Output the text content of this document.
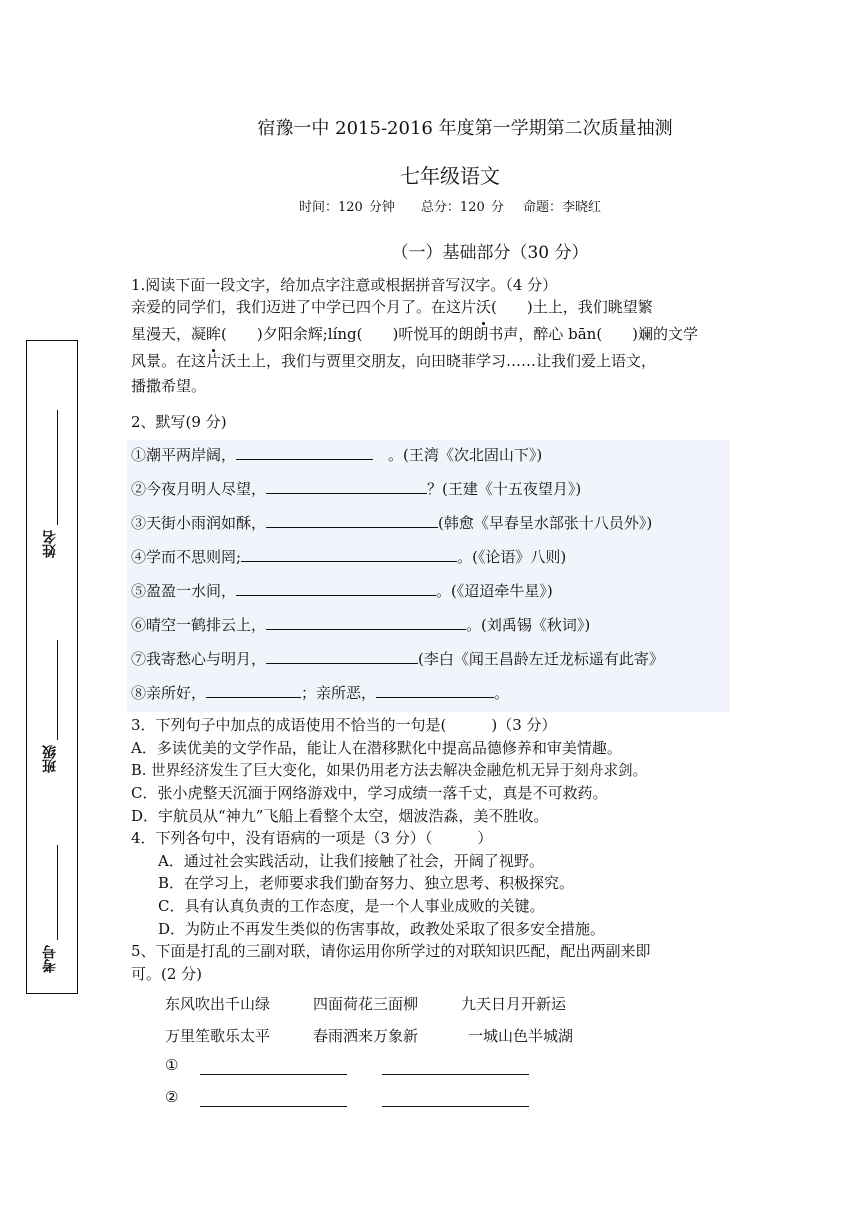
宿豫一中 2015-2016 年度第一学期第二次质量抽测
七年级语文
时间：120 分钟　　总分：120 分　 命题：李晓红
（一）基础部分（30 分）
1.阅读下面一段文字，给加点字注意或根据拼音写汉字。（4 分）
亲爱的同学们，我们迈进了中学已四个月了。在这片沃(　　)土上，我们眺望繁
星漫天，凝眸(　　)夕阳余辉;líng(　　)听悦耳的朗朗书声，醉心 bān(　　)斓的文学
风景。在这片沃土上，我们与贾里交朋友，向田晓菲学习……让我们爱上语文，
播撒希望。
2、默写(9 分)
①潮平两岸阔，	　。(王湾《次北固山下》)
②今夜月明人尽望，	？(王建《十五夜望月》)
③天街小雨润如酥，	(韩愈《早春呈水部张十八员外》)
④学而不思则罔;	。(《论语》八则)
⑤盈盈一水间，	。(《迢迢牵牛星》)
⑥晴空一鹤排云上，	。(刘禹锡《秋词》)
⑦我寄愁心与明月，	(李白《闻王昌龄左迁龙标遥有此寄》
⑧亲所好，	；亲所恶，	。
3．下列句子中加点的成语使用不恰当的一句是(　　　)（3 分）
A．多读优美的文学作品，能让人在潜移默化中提高品德修养和审美情趣。
B. 世界经济发生了巨大变化，如果仍用老方法去解决金融危机无异于刻舟求剑。
C．张小虎整天沉湎于网络游戏中，学习成绩一落千丈，真是不可救药。
D．宇航员从“神九”飞船上看整个太空，烟波浩淼，美不胜收。
4．下列各句中，没有语病的一项是（3 分）（　　　）
A．通过社会实践活动，让我们接触了社会，开阔了视野。
B．在学习上，老师要求我们勤奋努力、独立思考、积极探究。
C．具有认真负责的工作态度，是一个人事业成败的关键。
D．为防止不再发生类似的伤害事故，政教处采取了很多安全措施。
5、下面是打乱的三副对联，请你运用你所学过的对联知识匹配，配出两副来即
可。(2 分)
东风吹出千山绿	四面荷花三面柳	九天日月开新运
万里笙歌乐太平	春雨洒来万象新	一城山色半城湖
①
②
姓名
班级
考号
